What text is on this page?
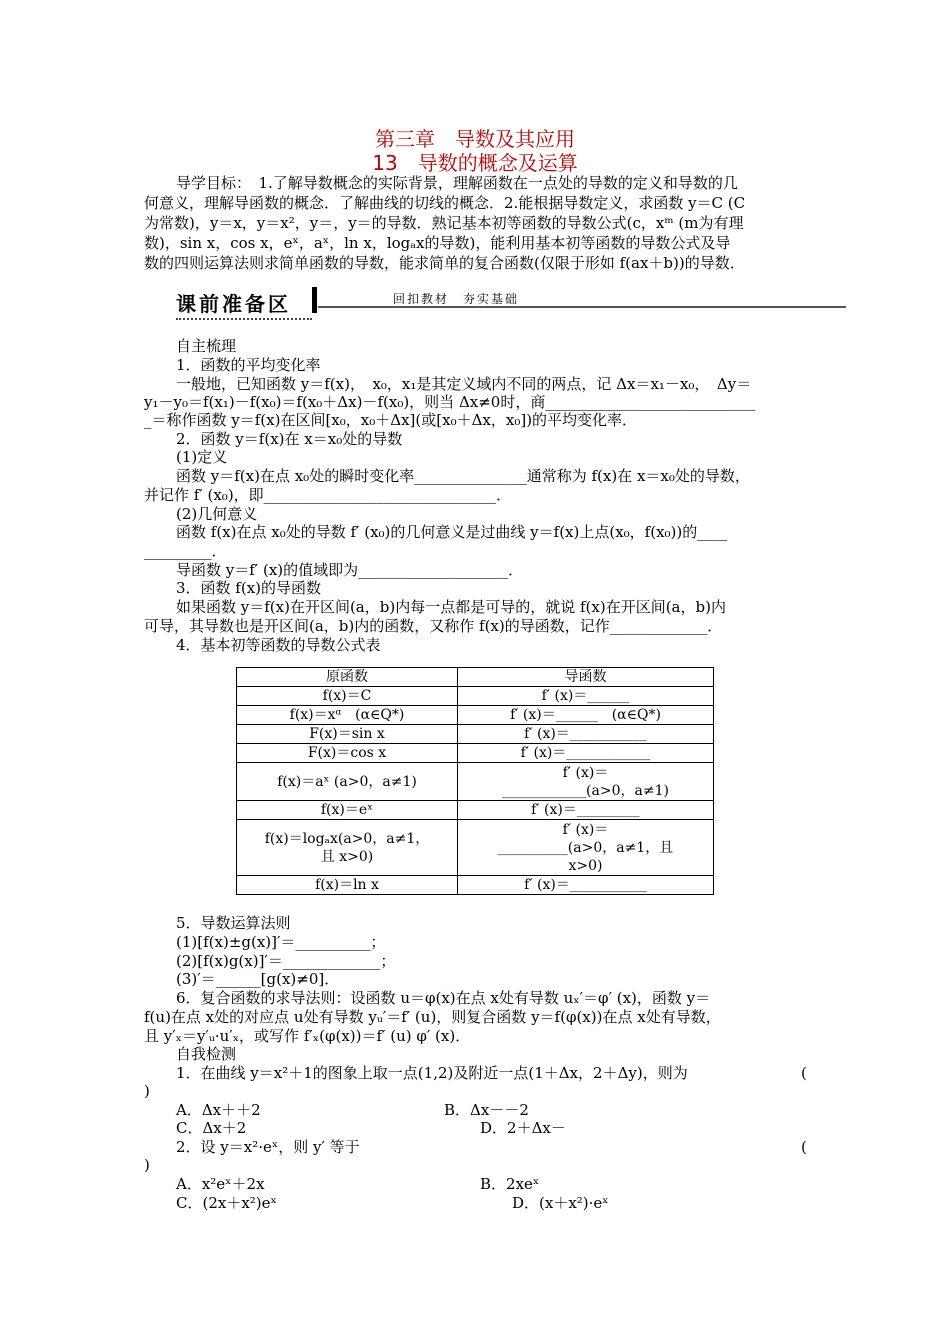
第三章　导数及其应用
13　导数的概念及运算
导学目标：　1.了解导数概念的实际背景，理解函数在一点处的导数的定义和导数的几
何意义，理解导函数的概念．了解曲线的切线的概念．2.能根据导数定义，求函数 y＝C (C
为常数)，y＝x，y＝x²，y＝，y＝的导数．熟记基本初等函数的导数公式(c，xᵐ (m为有理
数)，sin x，cos x，eˣ，aˣ，ln x，logₐx的导数)，能利用基本初等函数的导数公式及导
数的四则运算法则求简单函数的导数，能求简单的复合函数(仅限于形如 f(ax＋b))的导数．
课前准备区	回扣教材　夯实基础
自主梳理
1．函数的平均变化率
一般地，已知函数 y＝f(x)，　x₀，x₁是其定义域内不同的两点，记 Δx＝x₁－x₀，　Δy＝
y₁－y₀＝f(x₁)－f(x₀)＝f(x₀＋Δx)－f(x₀)，则当 Δx≠0时，商____________________________
_＝称作函数 y＝f(x)在区间[x₀，x₀＋Δx](或[x₀＋Δx，x₀])的平均变化率．
2．函数 y＝f(x)在 x＝x₀处的导数
(1)定义
函数 y＝f(x)在点 x₀处的瞬时变化率_______________通常称为 f(x)在 x＝x₀处的导数，
并记作 f′ (x₀)，即_______________________________．
(2)几何意义
函数 f(x)在点 x₀处的导数 f′ (x₀)的几何意义是过曲线 y＝f(x)上点(x₀，f(x₀))的____
_________．
导函数 y＝f′ (x)的值域即为____________________．
3．函数 f(x)的导函数
如果函数 y＝f(x)在开区间(a，b)内每一点都是可导的，就说 f(x)在开区间(a，b)内
可导，其导数也是开区间(a，b)内的函数，又称作 f(x)的导函数，记作_____________．
4．基本初等函数的导数公式表
原函数	导函数
f(x)＝C	f′ (x)＝______
f(x)＝xᵅ　(α∈Q*)	f′ (x)＝______　(α∈Q*)
F(x)＝sin x	f′ (x)＝___________
F(x)＝cos x	f′ (x)＝____________
f(x)＝aˣ (a>0，a≠1)	f′ (x)＝
____________(a>0，a≠1)
f(x)＝eˣ	f′ (x)＝_________
f(x)＝logₐx(a>0，a≠1，
且 x>0)	f′ (x)＝
__________(a>0，a≠1，且
x>0)
f(x)＝ln x	f′ (x)＝___________
5．导数运算法则
(1)[f(x)±g(x)]′＝__________；
(2)[f(x)g(x)]′＝_____________；
(3)′＝______[g(x)≠0]．
6．复合函数的求导法则：设函数 u＝φ(x)在点 x处有导数 uₓ′＝φ′ (x)，函数 y＝
f(u)在点 x处的对应点 u处有导数 yᵤ′＝f′ (u)，则复合函数 y＝f(φ(x))在点 x处有导数，
且 y′ₓ＝y′ᵤ·u′ₓ，或写作 f′ₓ(φ(x))＝f′ (u) φ′ (x)．
自我检测
1．在曲线 y＝x²＋1的图象上取一点(1,2)及附近一点(1＋Δx，2＋Δy)，则为	(
)
A．Δx＋＋2	B．Δx－－2
C．Δx＋2	D．2＋Δx－
2．设 y＝x²·eˣ，则 y′ 等于	(
)
A．x²eˣ＋2x	B．2xeˣ
C．(2x＋x²)eˣ	D．(x＋x²)·eˣ
